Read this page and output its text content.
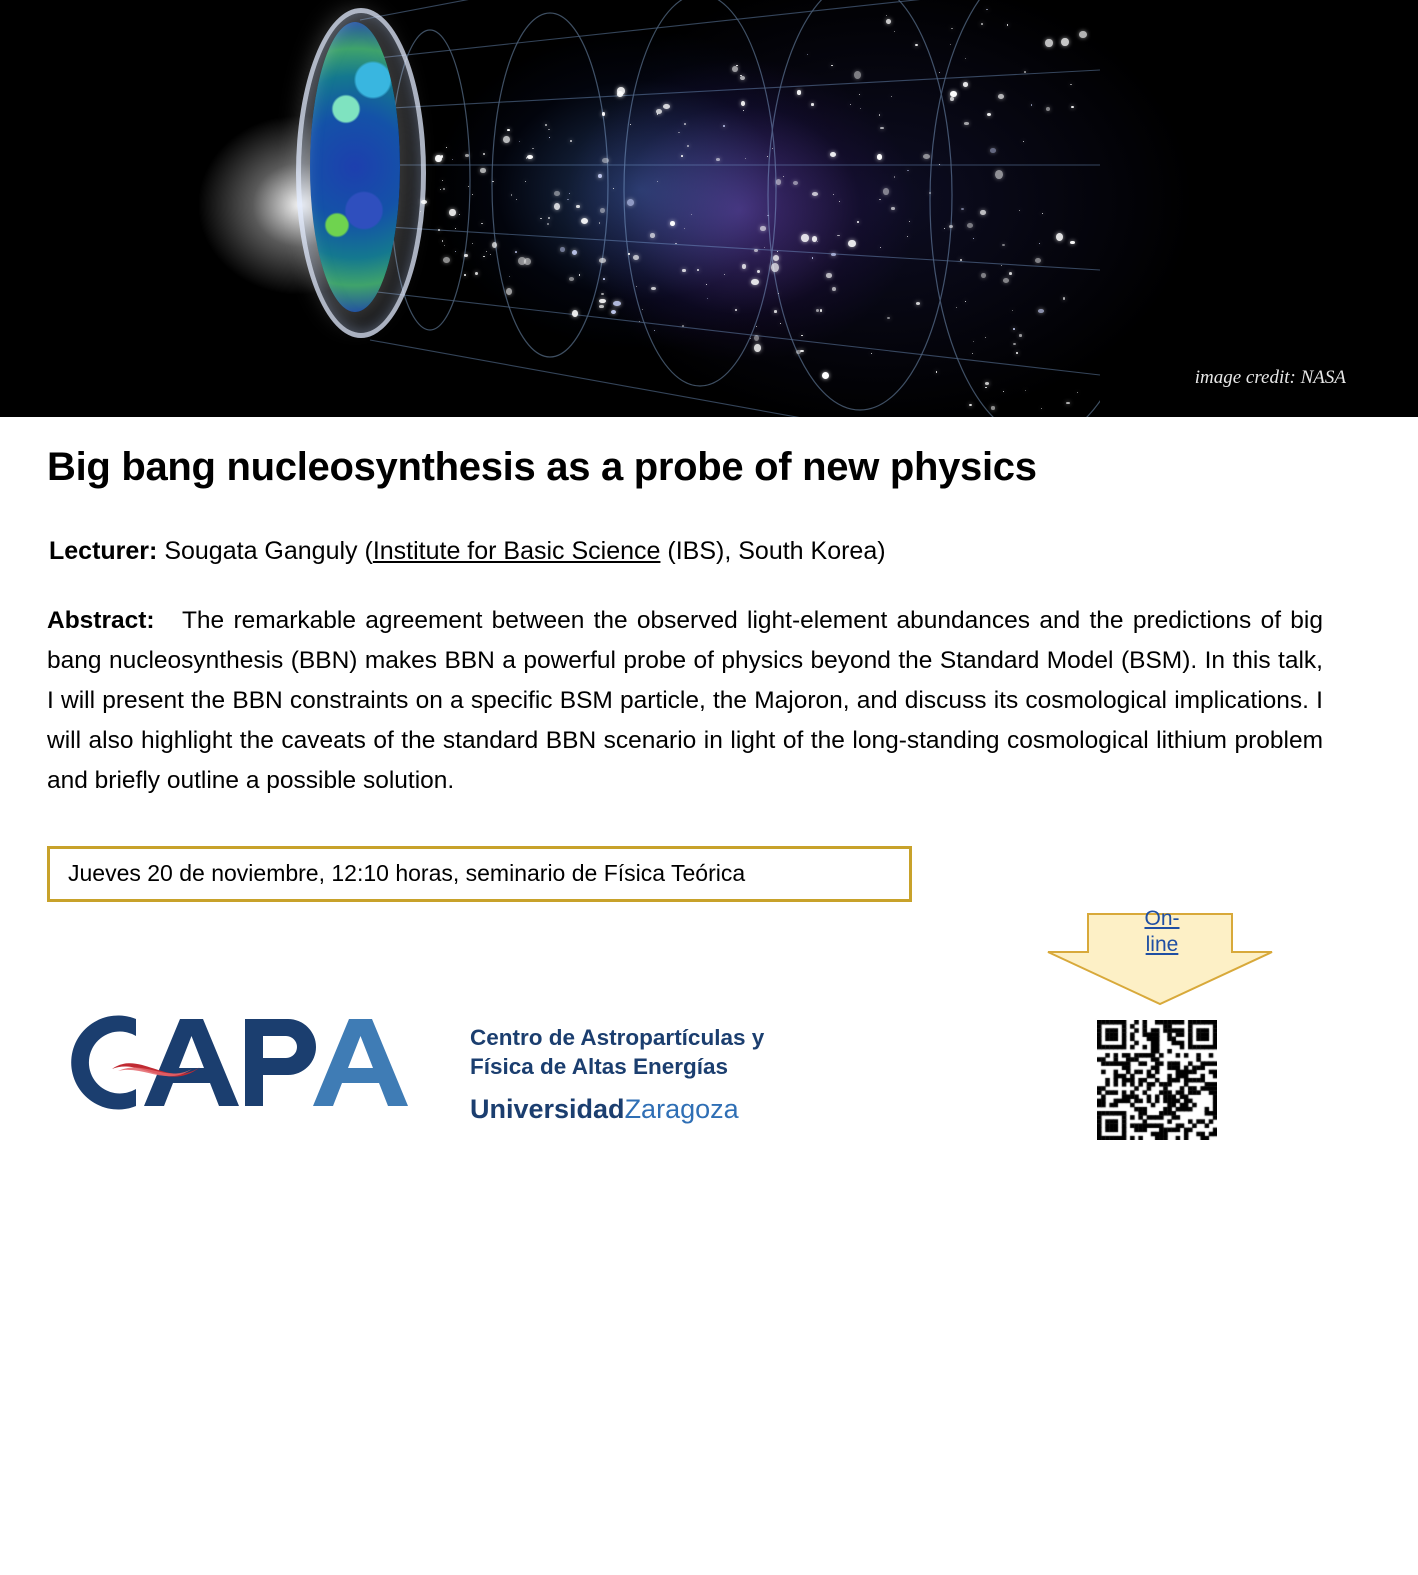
image credit: NASA
Big bang nucleosynthesis as a probe of new physics
Lecturer: Sougata Ganguly (Institute for Basic Science (IBS), South Korea)
Abstract: The remarkable agreement between the observed light-element abundances and the predictions of big bang nucleosynthesis (BBN) makes BBN a powerful probe of physics beyond the Standard Model (BSM). In this talk, I will present the BBN constraints on a specific BSM particle, the Majoron, and discuss its cosmological implications. I will also highlight the caveats of the standard BBN scenario in light of the long-standing cosmological lithium problem and briefly outline a possible solution.
Jueves 20 de noviembre, 12:10 horas, seminario de Física Teórica
On-
line
Centro de Astropartículas y
Física de Altas Energías
UniversidadZaragoza
